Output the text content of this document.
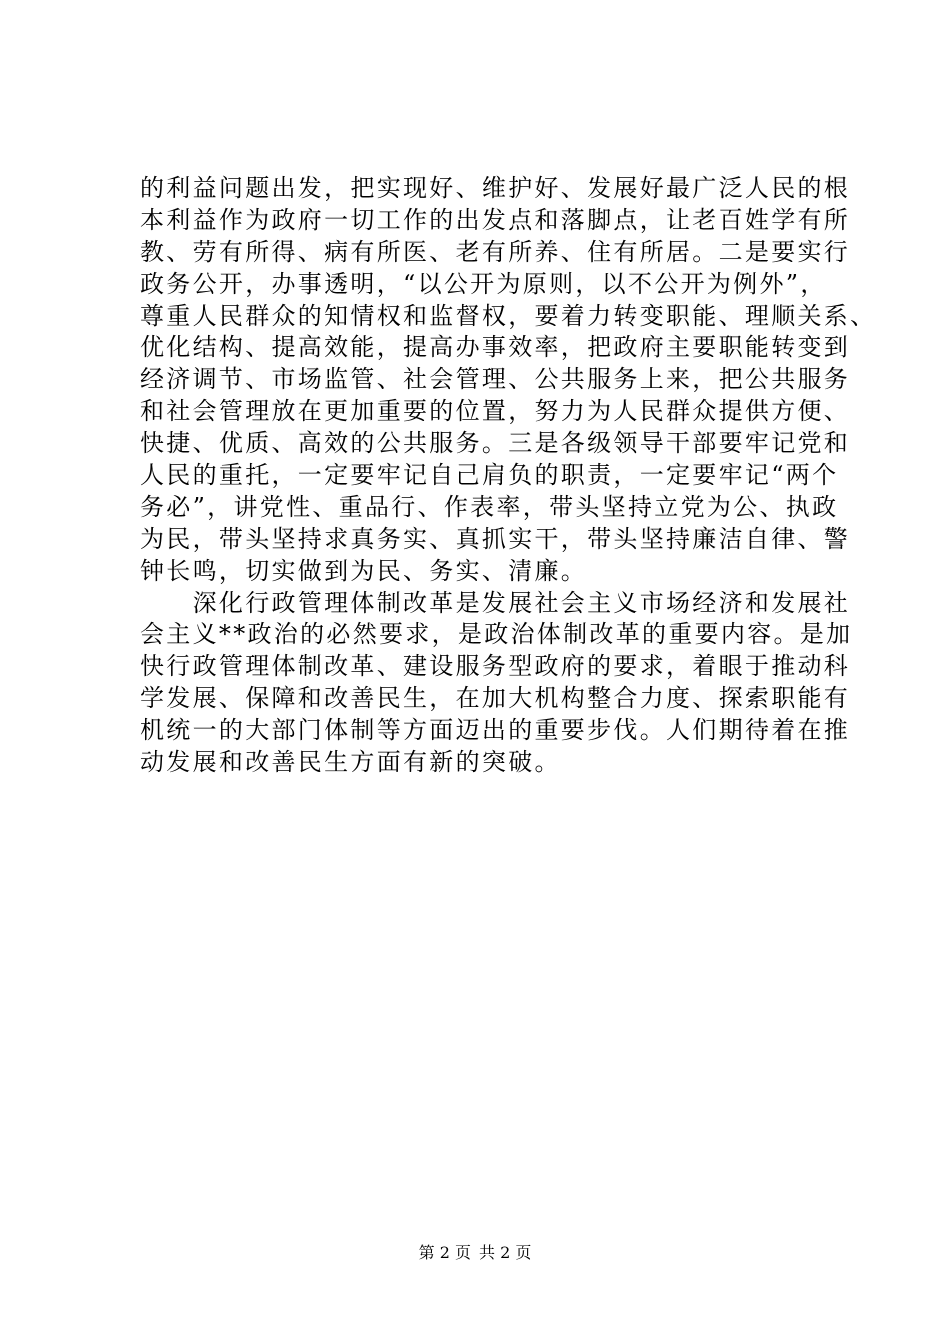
的利益问题出发，把实现好、维护好、发展好最广泛人民的根
本利益作为政府一切工作的出发点和落脚点，让老百姓学有所
教、劳有所得、病有所医、老有所养、住有所居。二是要实行
政务公开，办事透明，“以公开为原则，以不公开为例外”，
尊重人民群众的知情权和监督权，要着力转变职能、理顺关系、
优化结构、提高效能，提高办事效率，把政府主要职能转变到
经济调节、市场监管、社会管理、公共服务上来，把公共服务
和社会管理放在更加重要的位置，努力为人民群众提供方便、
快捷、优质、高效的公共服务。三是各级领导干部要牢记党和
人民的重托，一定要牢记自己肩负的职责，一定要牢记“两个
务必”，讲党性、重品行、作表率，带头坚持立党为公、执政
为民，带头坚持求真务实、真抓实干，带头坚持廉洁自律、警
钟长鸣，切实做到为民、务实、清廉。
　　深化行政管理体制改革是发展社会主义市场经济和发展社
会主义**政治的必然要求，是政治体制改革的重要内容。是加
快行政管理体制改革、建设服务型政府的要求，着眼于推动科
学发展、保障和改善民生，在加大机构整合力度、探索职能有
机统一的大部门体制等方面迈出的重要步伐。人们期待着在推
动发展和改善民生方面有新的突破。
第 2 页 共 2 页
